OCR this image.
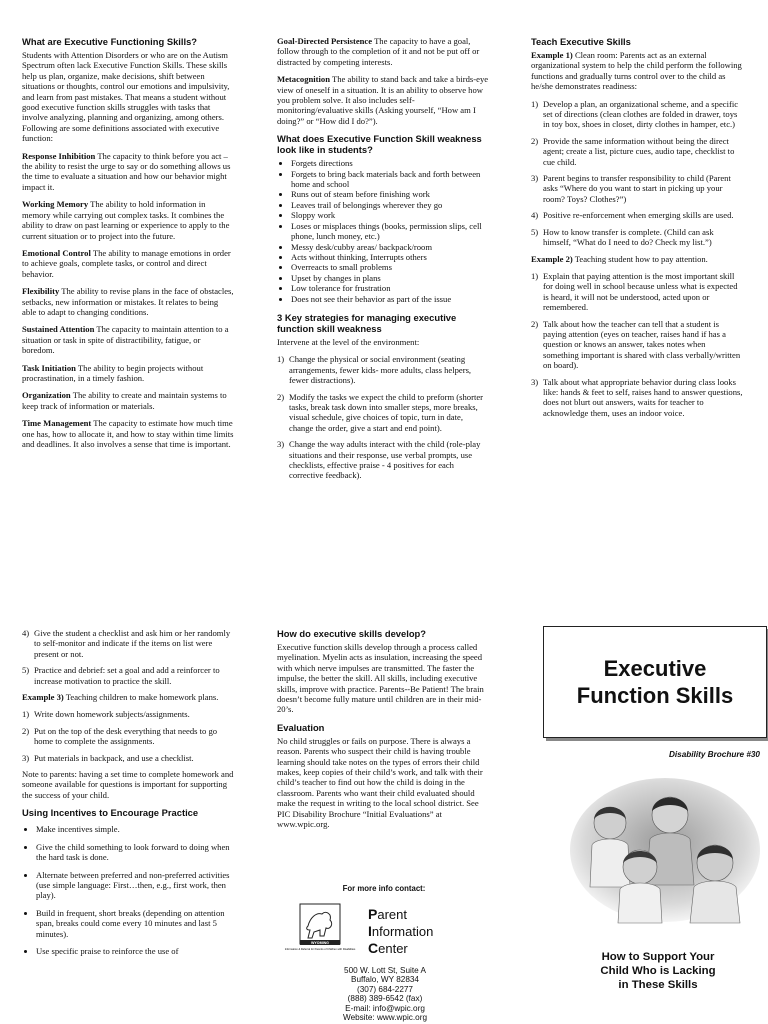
What are Executive Functioning Skills?

Students with Attention Disorders or who are on the Autism Spectrum often lack Executive Function Skills. These skills help us plan, organize, make decisions, shift between situations or thoughts, control our emotions and impulsivity, and learn from past mistakes. That means a student without good executive function skills struggles with tasks that involve analyzing, planning and organizing, among others. Following are some definitions associated with executive function:

Response Inhibition The capacity to think before you act – the ability to resist the urge to say or do something allows us the time to evaluate a situation and how our behavior might impact it.

Working Memory The ability to hold information in memory while carrying out complex tasks. It combines the ability to draw on past learning or experience to apply to the current situation or to project into the future.

Emotional Control The ability to manage emotions in order to achieve goals, complete tasks, or control and direct behavior.

Flexibility The ability to revise plans in the face of obstacles, setbacks, new information or mistakes. It relates to being able to adapt to changing conditions.

Sustained Attention The capacity to maintain attention to a situation or task in spite of distractibility, fatigue, or boredom.

Task Initiation The ability to begin projects without procrastination, in a timely fashion.

Organization The ability to create and maintain systems to keep track of information or materials.

Time Management The capacity to estimate how much time one has, how to allocate it, and how to stay within time limits and deadlines. It also involves a sense that time is important.

Goal-Directed Persistence The capacity to have a goal, follow through to the completion of it and not be put off or distracted by competing interests.

Metacognition The ability to stand back and take a birds-eye view of oneself in a situation. It is an ability to observe how you problem solve. It also includes self-monitoring/evaluative skills (Asking yourself, “How am I doing?” or “How did I do?”).

What does Executive Function Skill weakness look like in students?
• Forgets directions
• Forgets to bring back materials back and forth between home and school
• Runs out of steam before finishing work
• Leaves trail of belongings wherever they go
• Sloppy work
• Loses or misplaces things (books, permission slips, cell phone, lunch money, etc.)
• Messy desk/cubby areas/ backpack/room
• Acts without thinking, Interrupts others
• Overreacts to small problems
• Upset by changes in plans
• Low tolerance for frustration
• Does not see their behavior as part of the issue
3 Key strategies for managing executive function skill weakness

Intervene at the level of the environment:

1) Change the physical or social environment (seating arrangements, fewer kids- more adults, class helpers, fewer distractions).
2) Modify the tasks we expect the child to preform (shorter tasks, break task down into smaller steps, more breaks, visual schedule, give choices of topic, turn in date, change the order, give a start and end point).
3) Change the way adults interact with the child (role-play situations and their response, use verbal prompts, use checklists, effective praise - 4 positives for each corrective feedback).
Teach Executive Skills

Example 1) Clean room: Parents act as an external organizational system to help the child perform the following functions and gradually turns control over to the child as he/she demonstrates readiness:

1) Develop a plan, an organizational scheme, and a specific set of directions (clean clothes are folded in drawer, toys in toy box, shoes in closet, dirty clothes in hamper, etc.)
2) Provide the same information without being the direct agent; create a list, picture cues, audio tape, checklist to cue child.
3) Parent begins to transfer responsibility to child (Parent asks “Where do you want to start in picking up your room? Toys? Clothes?”)
4) Positive re-enforcement when emerging skills are used.
5) How to know transfer is complete. (Child can ask himself, “What do I need to do? Check my list.”)

Example 2) Teaching student how to pay attention.

1) Explain that paying attention is the most important skill for doing well in school because unless what is expected is heard, it will not be understood, acted upon or remembered.
2) Talk about how the teacher can tell that a student is paying attention (eyes on teacher, raises hand if has a question or knows an answer, takes notes when something important is shared with class verbally/written on board).
3) Talk about what appropriate behavior during class looks like: hands & feet to self, raises hand to answer questions, does not blurt out answers, waits for teacher to acknowledge them, uses an indoor voice.
4) Give the student a checklist and ask him or her randomly to self-monitor and indicate if the items on list were present or not.
5) Practice and debrief: set a goal and add a reinforcer to increase motivation to practice the skill.

Example 3) Teaching children to make homework plans.

1) Write down homework subjects/assignments.
2) Put on the top of the desk everything that needs to go home to complete the assignments.
3) Put materials in backpack, and use a checklist.

Note to parents: having a set time to complete homework and someone available for questions is important for supporting the success of your child.

Using Incentives to Encourage Practice
• Make incentives simple.
• Give the child something to look forward to doing when the hard task is done.
• Alternate between preferred and non-preferred activities (use simple language: First…then, e.g., first work, then play).
• Build in frequent, short breaks (depending on attention span, breaks could come every 10 minutes and last 5 minutes).
• Use specific praise to reinforce the use of
How do executive skills develop?

Executive function skills develop through a process called myelination. Myelin acts as insulation, increasing the speed with which nerve impulses are transmitted. The faster the impulse, the better the skill. All skills, including executive skills, improve with practice. Parents--Be Patient! The brain doesn’t become fully mature until children are in their mid-20’s.

Evaluation

No child struggles or fails on purpose. There is always a reason. Parents who suspect their child is having trouble learning should take notes on the types of errors their child makes, keep copies of their child’s work, and talk with their child’s teacher to find out how the child is doing in the classroom. Parents who want their child evaluated should make the request in writing to the local school district. See PIC Disability Brochure “Initial Evaluations” at www.wpic.org.

For more info contact:
WYOMING
Information & Referral for Parents of Children with Disabilities
Parent
Information
Center
500 W. Lott St, Suite A
Buffalo, WY 82834
(307) 684-2277
(888) 389-6542 (fax)
E-mail: info@wpic.org
Website: www.wpic.org
Executive
Function Skills
Disability Brochure #30
How to Support Your
Child Who is Lacking
in These Skills
